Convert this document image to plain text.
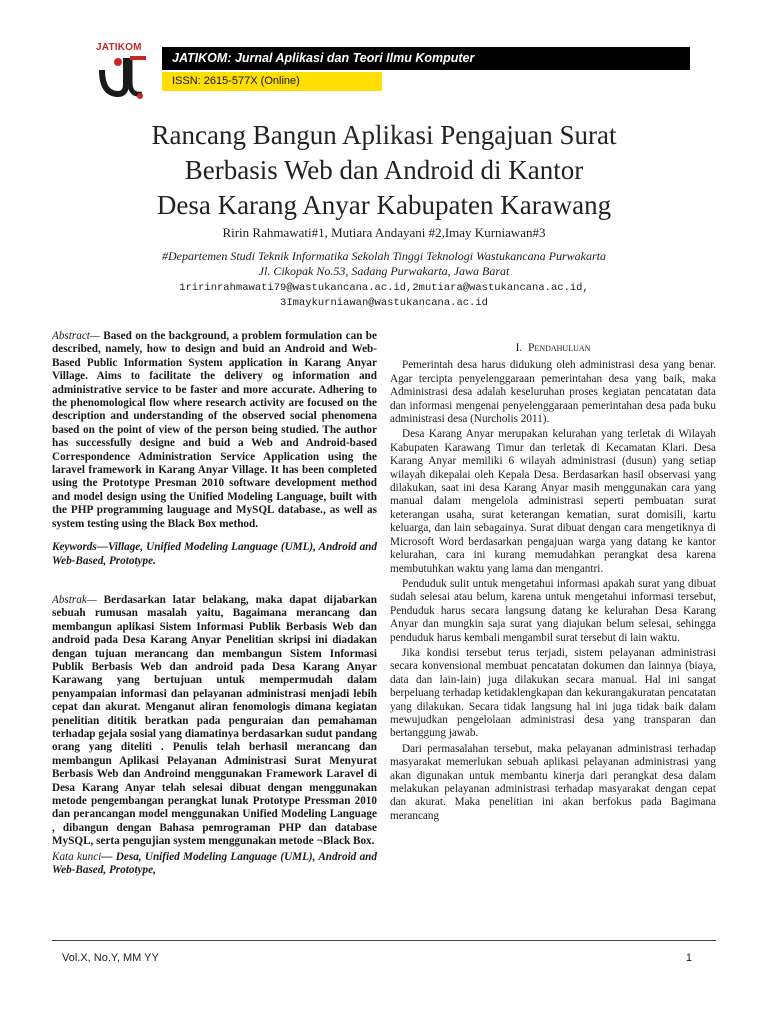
JATIKOM
JATIKOM: Jurnal Aplikasi dan Teori Ilmu Komputer
ISSN: 2615-577X (Online)
Rancang Bangun Aplikasi Pengajuan Surat
Berbasis Web dan Android di Kantor
Desa Karang Anyar Kabupaten Karawang
Ririn Rahmawati#1, Mutiara Andayani #2,Imay Kurniawan#3
#Departemen Studi Teknik Informatika Sekolah Tinggi Teknologi Wastukancana Purwakarta
Jl. Cikopak No.53, Sadang Purwakarta, Jawa Barat
1ririnrahmawati79@wastukancana.ac.id,2mutiara@wastukancana.ac.id,
3Imaykurniawan@wastukancana.ac.id

Abstract— Based on the background, a problem formulation can be described, namely, how to design and buid an Android and Web-Based Public Information System application in Karang Anyar Village. Aims to facilitate the delivery og information and administrative service to be faster and more accurate. Adhering to the phenomological flow where research activity are focused on the description and understanding of the observed social phenomena based on the point of view of the person being studied. The author has successfully designe and buid a Web and Android-based Correspondence Administration Service Application using the laravel framework in Karang Anyar Village. It has been completed using the Prototype Presman 2010 software development method and model design using the Unified Modeling Language, built with the PHP programming lauguage and MySQL database., as well as system testing using the Black Box method.

Keywords—Village, Unified Modeling Language (UML), Android and Web-Based, Prototype.

Abstrak— Berdasarkan latar belakang, maka dapat dijabarkan sebuah rumusan masalah yaitu, Bagaimana merancang dan membangun aplikasi Sistem Informasi Publik Berbasis Web dan android pada Desa Karang Anyar Penelitian skripsi ini diadakan dengan tujuan merancang dan membangun Sistem Informasi Publik Berbasis Web dan android pada Desa Karang Anyar Karawang yang bertujuan untuk mempermudah dalam penyampaian informasi dan pelayanan administrasi menjadi lebih cepat dan akurat. Menganut aliran fenomologis dimana kegiatan penelitian dititik beratkan pada penguraian dan pemahaman terhadap gejala sosial yang diamatinya berdasarkan sudut pandang orang yang diteliti . Penulis telah berhasil merancang dan membangun Aplikasi Pelayanan Administrasi Surat Menyurat Berbasis Web dan Androind menggunakan Framework Laravel di Desa Karang Anyar telah selesai dibuat dengan menggunakan metode pengembangan perangkat lunak Prototype Pressman 2010 dan perancangan model menggunakan Unified Modeling Language , dibangun dengan Bahasa pemrograman PHP dan database MySQL, serta pengujian system menggunakan metode ¬Black Box.

Kata kunci— Desa, Unified Modeling Language (UML), Android and Web-Based, Prototype,

I. Pendahuluan

Pemerintah desa harus didukung oleh administrasi desa yang benar. Agar tercipta penyelenggaraan pemerintahan desa yang baik, maka Administrasi desa adalah keseluruhan proses kegiatan pencatatan data dan informasi mengenai penyelenggaraan pemerintahan desa pada buku administrasi desa (Nurcholis 2011).

Desa Karang Anyar merupakan kelurahan yang terletak di Wilayah Kabupaten Karawang Timur dan terletak di Kecamatan Klari. Desa Karang Anyar memiliki 6 wilayah administrasi (dusun) yang setiap wilayah dikepalai oleh Kepala Desa. Berdasarkan hasil observasi yang dilakukan, saat ini desa Karang Anyar masih menggunakan cara yang manual dalam mengelola administrasi seperti pembuatan surat keterangan usaha, surat keterangan kematian, surat domisili, kartu keluarga, dan lain sebagainya. Surat dibuat dengan cara mengetiknya di Microsoft Word berdasarkan pengajuan warga yang datang ke kantor kelurahan, cara ini kurang memudahkan perangkat desa karena membutuhkan waktu yang lama dan mengantri.

Penduduk sulit untuk mengetahui informasi apakah surat yang dibuat sudah selesai atau belum, karena untuk mengetahui informasi tersebut, Penduduk harus secara langsung datang ke kelurahan Desa Karang Anyar dan mungkin saja surat yang diajukan belum selesai, sehingga penduduk harus kembali mengambil surat tersebut di lain waktu.

Jika kondisi tersebut terus terjadi, sistem pelayanan administrasi secara konvensional membuat pencatatan dokumen dan lainnya (biaya, data dan lain-lain) juga dilakukan secara manual. Hal ini sangat berpeluang terhadap ketidaklengkapan dan kekurangakuratan pencatatan yang dilakukan. Secara tidak langsung hal ini juga tidak baik dalam mewujudkan pengelolaan administrasi desa yang transparan dan bertanggung jawab.

Dari permasalahan tersebut, maka pelayanan administrasi terhadap masyarakat memerlukan sebuah aplikasi pelayanan administrasi yang akan digunakan untuk membantu kinerja dari perangkat desa dalam melakukan pelayanan administrasi terhadap masyarakat dengan cepat dan akurat. Maka penelitian ini akan berfokus pada Bagimana merancang

Vol.X, No.Y, MM YY	1
